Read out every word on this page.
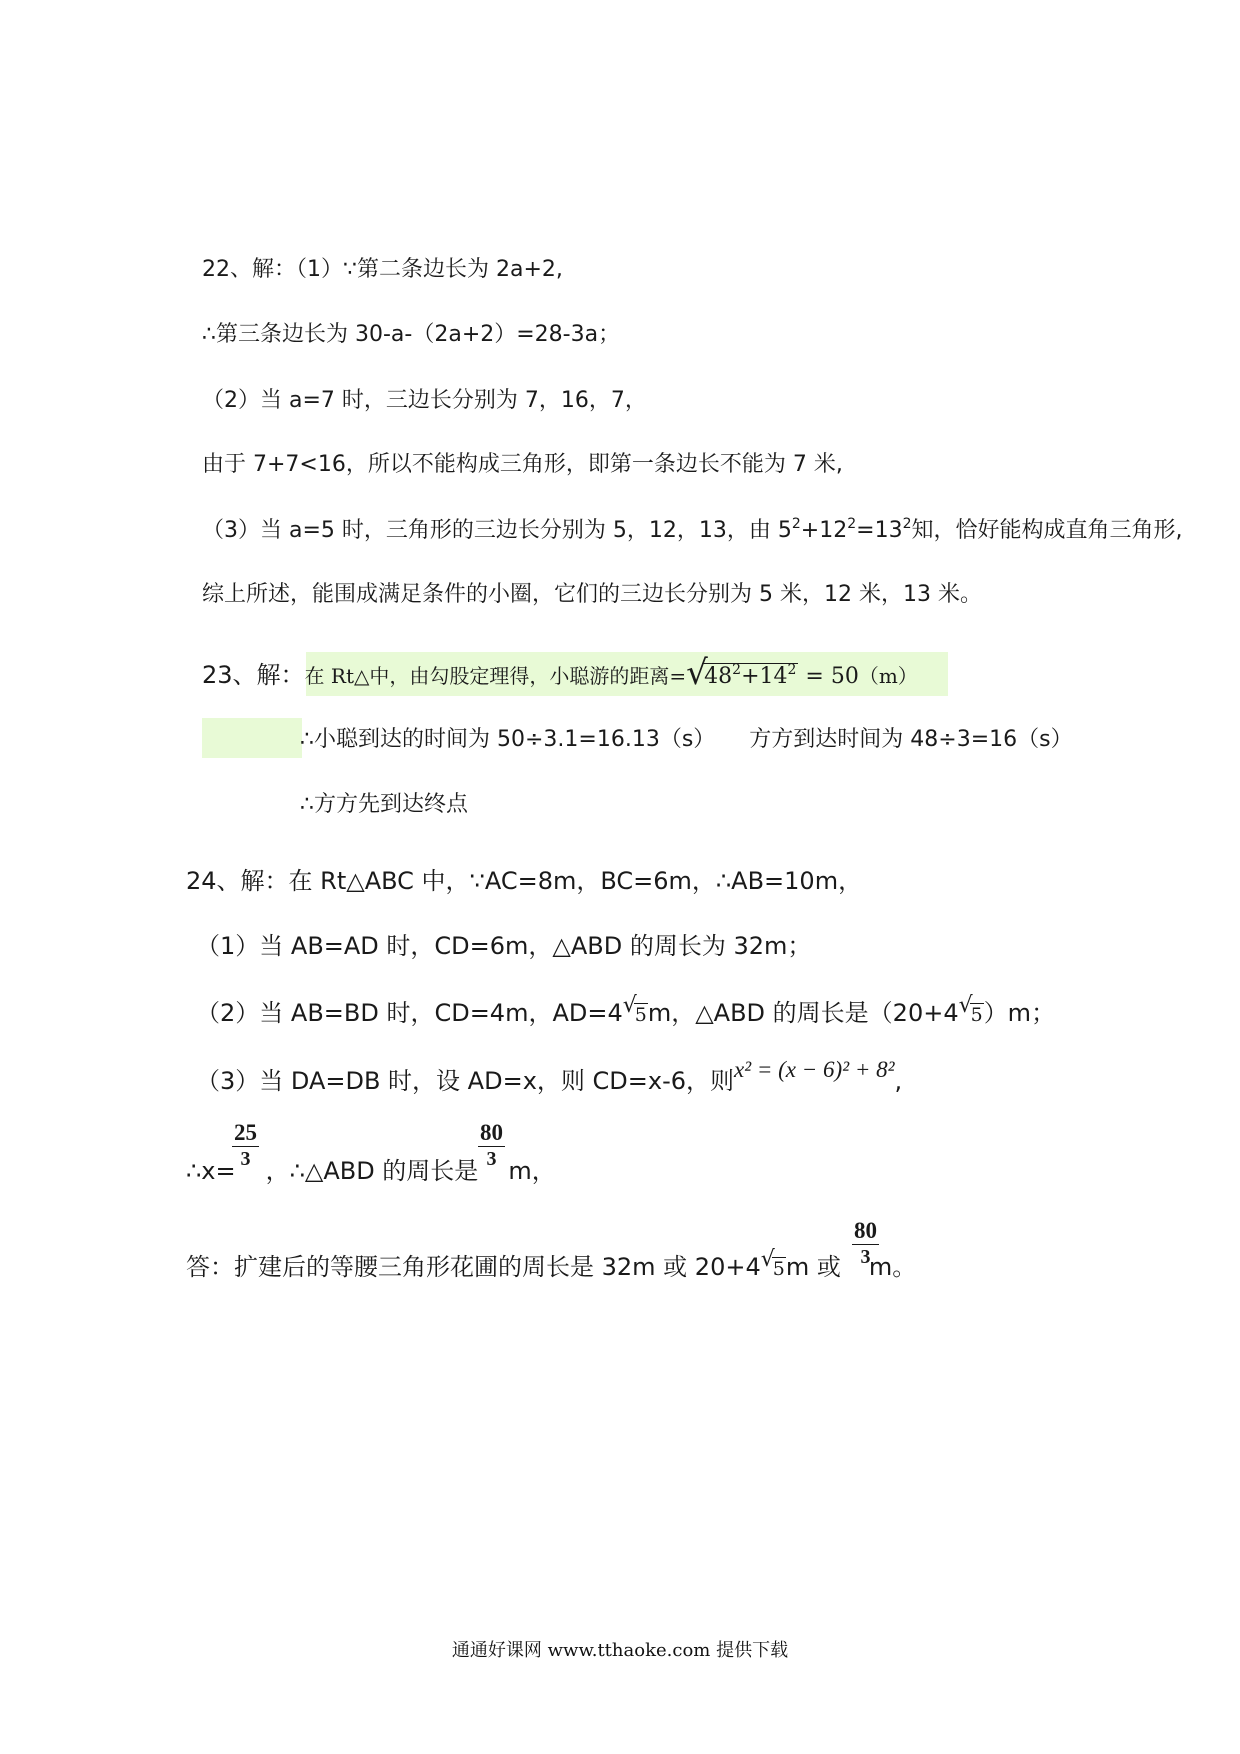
22、解：（1）∵第二条边长为 2a+2,
∴第三条边长为 30-a-（2a+2）=28-3a；
（2）当 a=7 时，三边长分别为 7，16，7，
由于 7+7<16，所以不能构成三角形，即第一条边长不能为 7 米,
（3）当 a=5 时，三角形的三边长分别为 5，12，13，由 $5^2+12^2=13^2$知，恰好能构成直角三角形,
综上所述，能围成满足条件的小圈，它们的三边长分别为 5 米，12 米，13 米。
23、解：在 Rt△中，由勾股定理得，小聪游的距离= √
$48^2+14^2 = 50(m)$
∴小聪到达的时间为 50÷3.1=16.13（s） 方方到达时间为 48÷3=16（s）
∴方方先到达终点
24、解：在 Rt△ABC 中，∵AC=8m，BC=6m，∴AB=10m，
（1）当 AB=AD 时，CD=6m，△ABD 的周长为 32m；
（2）当 AB=BD 时，CD=4m，AD=4 √
5m，△ABD 的周长是（20+4 √
5）m；
（3）当 DA=DB 时，设 AD=x，则 CD=x-6，则x² = (x − 6)² + 8²,
∴x= ，∴△ABD 的周长是 m，
$\frac{25}{3}$	$\frac{80}{3}$
答：扩建后的等腰三角形花圃的周长是 32m 或 20+4 √
5m 或 m。
$\frac{80}{3}$
通通好课网 www.tthaoke.com 提供下载
